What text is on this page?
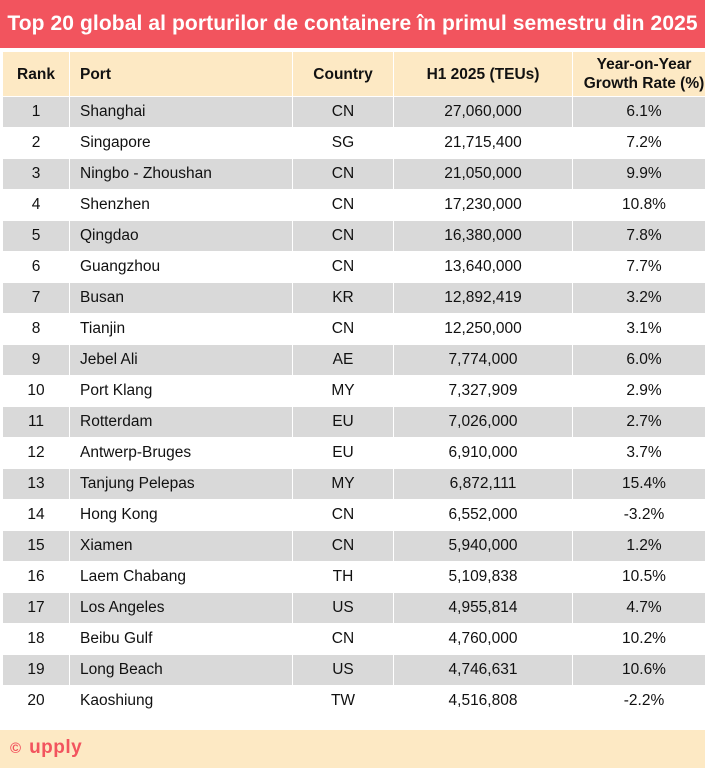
Top 20 global al porturilor de containere în primul semestru din 2025
Rank	Port	Country	H1 2025 (TEUs)	Year-on-Year
Growth Rate (%)
1	Shanghai	CN	27,060,000	6.1%
2	Singapore	SG	21,715,400	7.2%
3	Ningbo - Zhoushan	CN	21,050,000	9.9%
4	Shenzhen	CN	17,230,000	10.8%
5	Qingdao	CN	16,380,000	7.8%
6	Guangzhou	CN	13,640,000	7.7%
7	Busan	KR	12,892,419	3.2%
8	Tianjin	CN	12,250,000	3.1%
9	Jebel Ali	AE	7,774,000	6.0%
10	Port Klang	MY	7,327,909	2.9%
11	Rotterdam	EU	7,026,000	2.7%
12	Antwerp-Bruges	EU	6,910,000	3.7%
13	Tanjung Pelepas	MY	6,872,111	15.4%
14	Hong Kong	CN	6,552,000	-3.2%
15	Xiamen	CN	5,940,000	1.2%
16	Laem Chabang	TH	5,109,838	10.5%
17	Los Angeles	US	4,955,814	4.7%
18	Beibu Gulf	CN	4,760,000	10.2%
19	Long Beach	US	4,746,631	10.6%
20	Kaoshiung	TW	4,516,808	-2.2%
© upply
